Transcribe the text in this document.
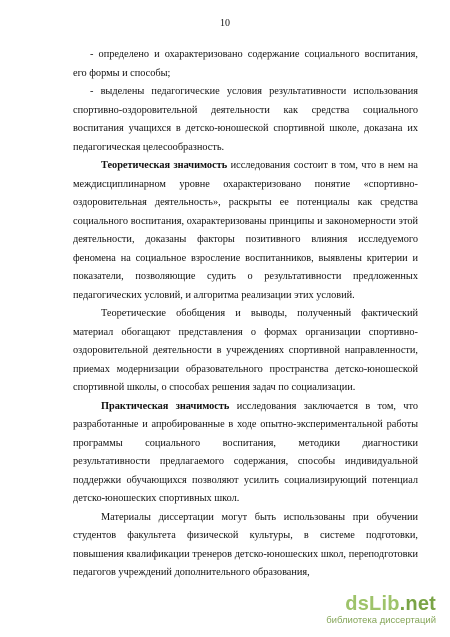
10

- определено и охарактеризовано содержание социального воспитания, его формы и способы;

- выделены педагогические условия результативности использования спортивно-оздоровительной деятельности как средства социального воспитания учащихся в детско-юношеской спортивной школе, доказана их педагогическая целесообразность.

Теоретическая значимость исследования состоит в том, что в нем на междисциплинарном уровне охарактеризовано понятие «спортивно-оздоровительная деятельность», раскрыты ее потенциалы как средства социального воспитания, охарактеризованы принципы и закономерности этой деятельности, доказаны факторы позитивного влияния исследуемого феномена на социальное взросление воспитанников, выявлены критерии и показатели, позволяющие судить о результативности предложенных педагогических условий, и алгоритма реализации этих условий.

Теоретические обобщения и выводы, полученный фактический материал обогащают представления о формах организации спортивно-оздоровительной деятельности в учреждениях спортивной направленности, приемах модернизации образовательного пространства детско-юношеской спортивной школы, о способах решения задач по социализации.

Практическая значимость исследования заключается в том, что разработанные и апробированные в ходе опытно-экспериментальной работы программы социального воспитания, методики диагностики результативности предлагаемого содержания, способы индивидуальной поддержки обучающихся позволяют усилить социализирующий потенциал детско-юношеских спортивных школ.

Материалы диссертации могут быть использованы при обучении студентов факультета физической культуры, в системе подготовки, повышения квалификации тренеров детско-юношеских школ, переподготовки педагогов учреждений дополнительного образования,

dsLib.net
библиотека диссертаций
